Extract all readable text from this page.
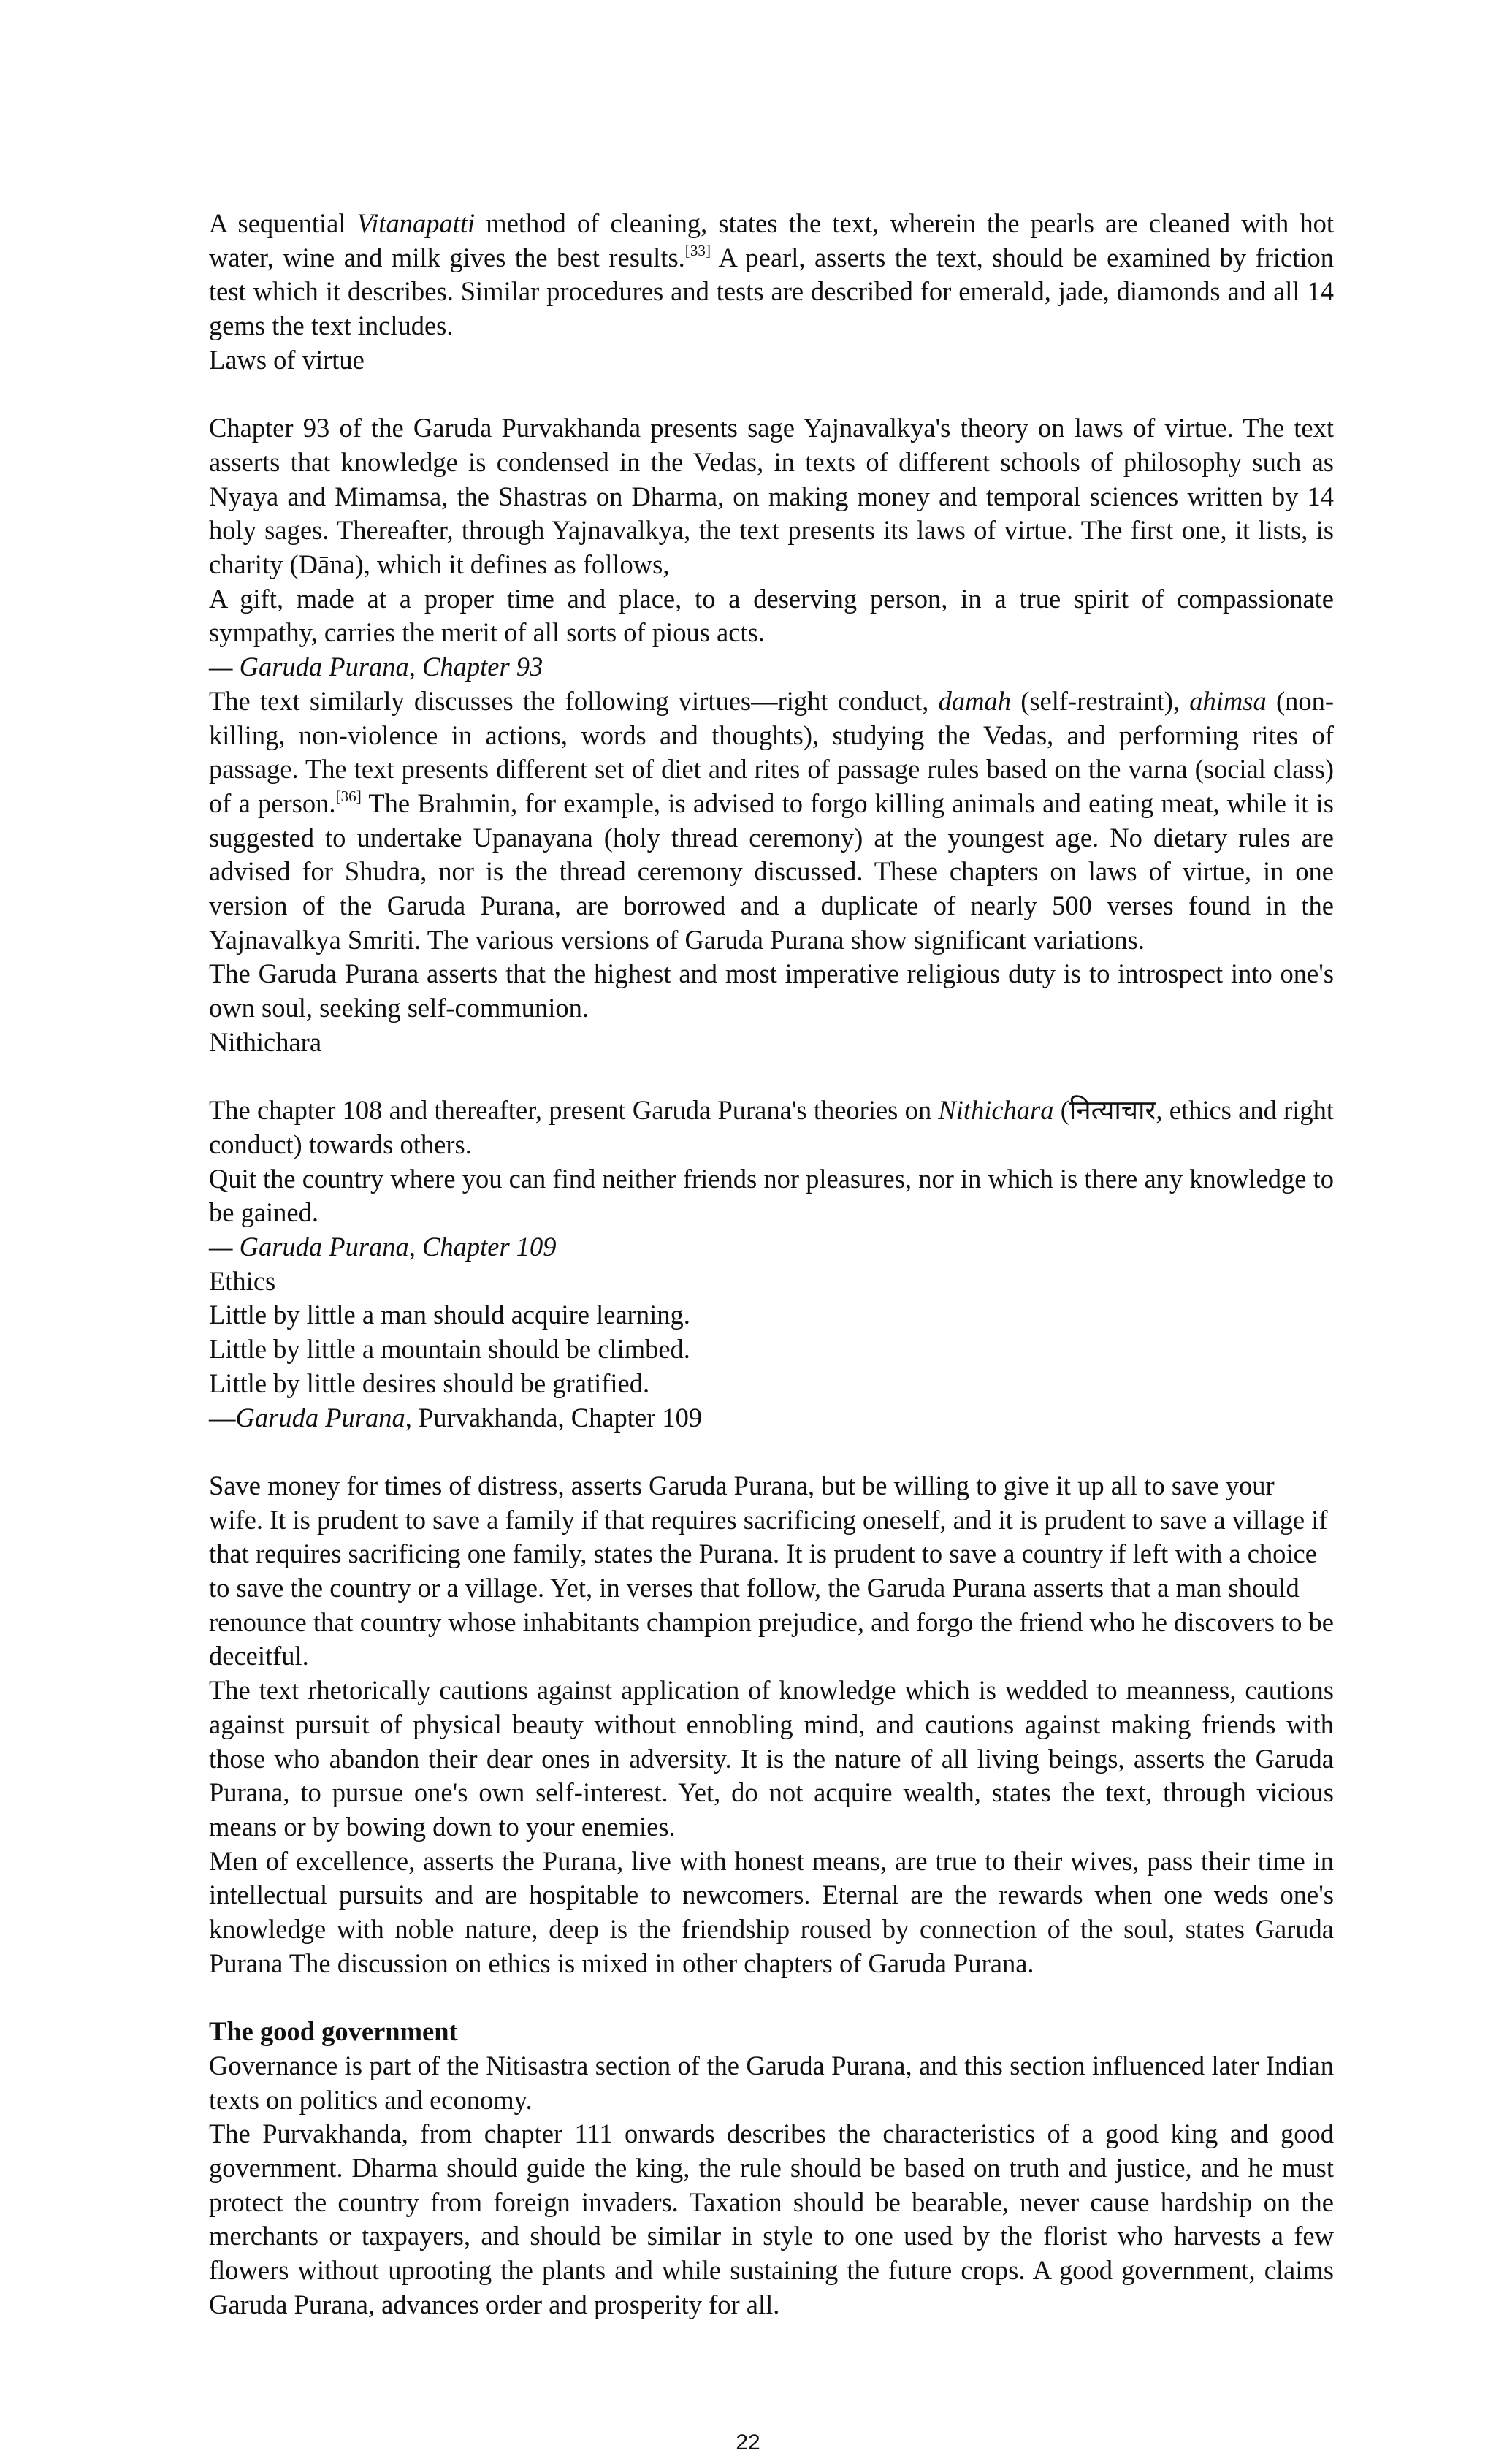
A sequential Vitanapatti method of cleaning, states the text, wherein the pearls are cleaned with hot water, wine and milk gives the best results.[33] A pearl, asserts the text, should be examined by friction test which it describes. Similar procedures and tests are described for emerald, jade, diamonds and all 14 gems the text includes.

Laws of virtue

Chapter 93 of the Garuda Purvakhanda presents sage Yajnavalkya's theory on laws of virtue. The text asserts that knowledge is condensed in the Vedas, in texts of different schools of philosophy such as Nyaya and Mimamsa, the Shastras on Dharma, on making money and temporal sciences written by 14 holy sages. Thereafter, through Yajnavalkya, the text presents its laws of virtue. The first one, it lists, is charity (Dāna), which it defines as follows,

A gift, made at a proper time and place, to a deserving person, in a true spirit of compassionate sympathy, carries the merit of all sorts of pious acts.

— Garuda Purana, Chapter 93

The text similarly discusses the following virtues—right conduct, damah (self-restraint), ahimsa (non-killing, non-violence in actions, words and thoughts), studying the Vedas, and performing rites of passage. The text presents different set of diet and rites of passage rules based on the varna (social class) of a person.[36] The Brahmin, for example, is advised to forgo killing animals and eating meat, while it is suggested to undertake Upanayana (holy thread ceremony) at the youngest age. No dietary rules are advised for Shudra, nor is the thread ceremony discussed. These chapters on laws of virtue, in one version of the Garuda Purana, are borrowed and a duplicate of nearly 500 verses found in the Yajnavalkya Smriti. The various versions of Garuda Purana show significant variations.

The Garuda Purana asserts that the highest and most imperative religious duty is to introspect into one's own soul, seeking self-communion.

Nithichara

The chapter 108 and thereafter, present Garuda Purana's theories on Nithichara (नित्याचार, ethics and right conduct) towards others.

Quit the country where you can find neither friends nor pleasures, nor in which is there any knowledge to be gained.

— Garuda Purana, Chapter 109

Ethics

Little by little a man should acquire learning.

Little by little a mountain should be climbed.

Little by little desires should be gratified.

—Garuda Purana, Purvakhanda, Chapter 109

Save money for times of distress, asserts Garuda Purana, but be willing to give it up all to save your wife. It is prudent to save a family if that requires sacrificing oneself, and it is prudent to save a village if that requires sacrificing one family, states the Purana. It is prudent to save a country if left with a choice to save the country or a village. Yet, in verses that follow, the Garuda Purana asserts that a man should renounce that country whose inhabitants champion prejudice, and forgo the friend who he discovers to be deceitful.

The text rhetorically cautions against application of knowledge which is wedded to meanness, cautions against pursuit of physical beauty without ennobling mind, and cautions against making friends with those who abandon their dear ones in adversity. It is the nature of all living beings, asserts the Garuda Purana, to pursue one's own self-interest. Yet, do not acquire wealth, states the text, through vicious means or by bowing down to your enemies.

Men of excellence, asserts the Purana, live with honest means, are true to their wives, pass their time in intellectual pursuits and are hospitable to newcomers. Eternal are the rewards when one weds one's knowledge with noble nature, deep is the friendship roused by connection of the soul, states Garuda Purana The discussion on ethics is mixed in other chapters of Garuda Purana.

The good government

Governance is part of the Nitisastra section of the Garuda Purana, and this section influenced later Indian texts on politics and economy.

The Purvakhanda, from chapter 111 onwards describes the characteristics of a good king and good government. Dharma should guide the king, the rule should be based on truth and justice, and he must protect the country from foreign invaders. Taxation should be bearable, never cause hardship on the merchants or taxpayers, and should be similar in style to one used by the florist who harvests a few flowers without uprooting the plants and while sustaining the future crops. A good government, claims Garuda Purana, advances order and prosperity for all.

22
